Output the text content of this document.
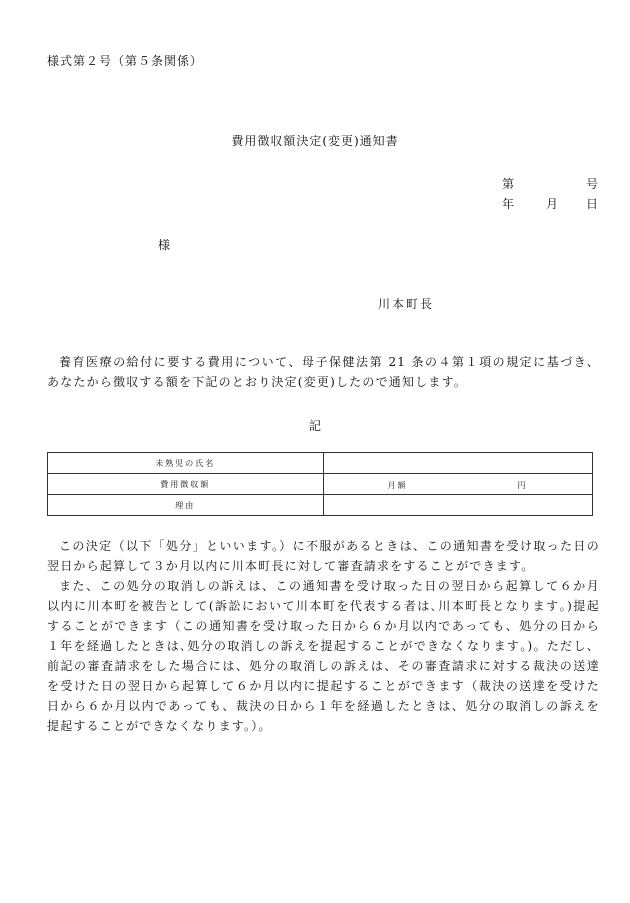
様式第２号（第５条関係）
費用徴収額決定(変更)通知書
第	号
年	月 日
様
川本町長

養育医療の給付に要する費用について、母子保健法第 21 条の４第１項の規定に基づき、あなたから徴収する額を下記のとおり決定(変更)したので通知します。

記
未熟児の氏名	
費用徴収額	月額 円

理由	

この決定（以下「処分」といいます。）に不服があるときは、この通知書を受け取った日の翌日から起算して３か月以内に川本町長に対して審査請求をすることができます。

また、この処分の取消しの訴えは、この通知書を受け取った日の翌日から起算して６か月以内に川本町を被告として(訴訟において川本町を代表する者は､川本町長となります｡)提起することができます（この通知書を受け取った日から６か月以内であっても、処分の日から１年を経過したときは､処分の取消しの訴えを提起することができなくなります｡)。ただし、前記の審査請求をした場合には、処分の取消しの訴えは、その審査請求に対する裁決の送達を受けた日の翌日から起算して６か月以内に提起することができます（裁決の送達を受けた日から６か月以内であっても、裁決の日から１年を経過したときは、処分の取消しの訴えを提起することができなくなります。）。
